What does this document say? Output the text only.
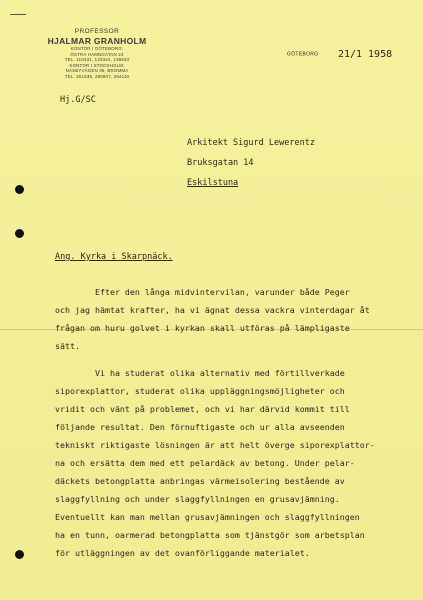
PROFESSOR
HJALMAR GRANHOLM
KONTOR I GÖTEBORG:
ÖSTRA HAMNGATAN 24
TEL. 110431, 133344, 136643
KONTOR I STOCKHOLM:
NÄSBYVÄGEN 36, BROMMA
TEL. 261535, 260907, 264110
Hj.G/SC
GÖTEBORG 21/1 1958
Arkitekt Sigurd Lewerentz
Bruksgatan 14
Eskilstuna
Ang. Kyrka i Skarpnäck.
Efter den långa midvintervilan, varunder både Peger
och jag hämtat krafter, ha vi ägnat dessa vackra vinterdagar åt
frågan om huru golvet i kyrkan skall utföras på lämpligaste
sätt.
Vi ha studerat olika alternativ med förtillverkade
siporexplattor, studerat olika uppläggningsmöjligheter och
vridit och vänt på problemet, och vi har därvid kommit till
följande resultat. Den förnuftigaste och ur alla avseenden
tekniskt riktigaste lösningen är att helt överge siporexplattor-
na och ersätta dem med ett pelardäck av betong. Under pelar-
däckets betongplatta anbringas värmeisolering bestående av
slaggfyllning och under slaggfyllningen en grusavjämning.
Eventuellt kan man mellan grusavjämningen och slaggfyllningen
ha en tunn, oarmerad betongplatta som tjänstgör som arbetsplan
för utläggningen av det ovanförliggande materialet.
